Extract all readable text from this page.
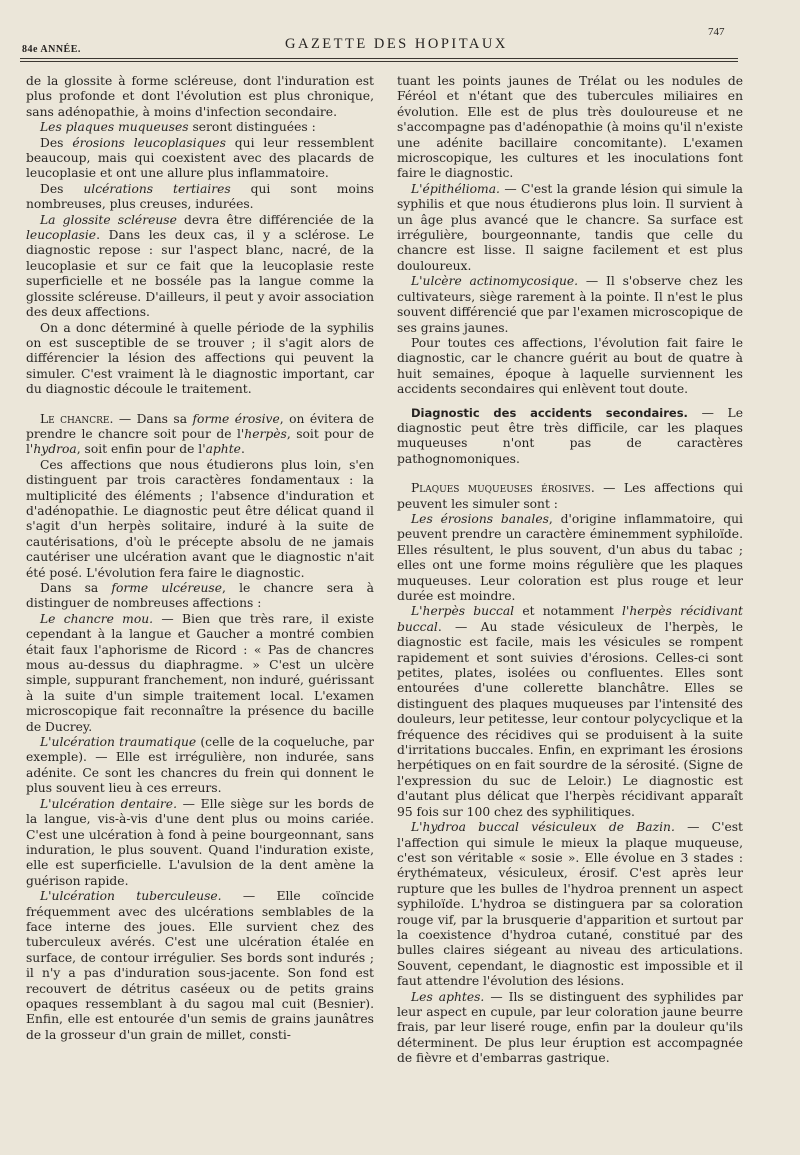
84e ANNÉE.	GAZETTE DES HOPITAUX
747

de la glossite à forme scléreuse, dont l'induration est plus profonde et dont l'évolution est plus chronique, sans adénopathie, à moins d'infection secondaire.

Les plaques muqueuses seront distinguées :

Des érosions leucoplasiques qui leur ressemblent beaucoup, mais qui coexistent avec des placards de leucoplasie et ont une allure plus inflammatoire.

Des ulcérations tertiaires qui sont moins nombreuses, plus creuses, indurées.

La glossite scléreuse devra être différenciée de la leucoplasie. Dans les deux cas, il y a sclérose. Le diagnostic repose : sur l'aspect blanc, nacré, de la leucoplasie et sur ce fait que la leucoplasie reste superficielle et ne bosséle pas la langue comme la glossite scléreuse. D'ailleurs, il peut y avoir association des deux affections.

On a donc déterminé à quelle période de la syphilis on est susceptible de se trouver ; il s'agit alors de différencier la lésion des affections qui peuvent la simuler. C'est vraiment là le diagnostic important, car du diagnostic découle le traitement.

Le chancre. — Dans sa forme érosive, on évitera de prendre le chancre soit pour de l'herpès, soit pour de l'hydroa, soit enfin pour de l'aphte.

Ces affections que nous étudierons plus loin, s'en distinguent par trois caractères fondamentaux : la multiplicité des éléments ; l'absence d'induration et d'adénopathie. Le diagnostic peut être délicat quand il s'agit d'un herpès solitaire, induré à la suite de cautérisations, d'où le précepte absolu de ne jamais cautériser une ulcération avant que le diagnostic n'ait été posé. L'évolution fera faire le diagnostic.

Dans sa forme ulcéreuse, le chancre sera à distinguer de nombreuses affections :

Le chancre mou. — Bien que très rare, il existe cependant à la langue et Gaucher a montré combien était faux l'aphorisme de Ricord : « Pas de chancres mous au-dessus du diaphragme. » C'est un ulcère simple, suppurant franchement, non induré, guérissant à la suite d'un simple traitement local. L'examen microscopique fait reconnaître la présence du bacille de Ducrey.

L'ulcération traumatique (celle de la coqueluche, par exemple). — Elle est irrégulière, non indurée, sans adénite. Ce sont les chancres du frein qui donnent le plus souvent lieu à ces erreurs.

L'ulcération dentaire. — Elle siège sur les bords de la langue, vis-à-vis d'une dent plus ou moins cariée. C'est une ulcération à fond à peine bourgeonnant, sans induration, le plus souvent. Quand l'induration existe, elle est superficielle. L'avulsion de la dent amène la guérison rapide.

L'ulcération tuberculeuse. — Elle coïncide fréquemment avec des ulcérations semblables de la face interne des joues. Elle survient chez des tuberculeux avérés. C'est une ulcération étalée en surface, de contour irrégulier. Ses bords sont indurés ; il n'y a pas d'induration sous-jacente. Son fond est recouvert de détritus caséeux ou de petits grains opaques ressemblant à du sagou mal cuit (Besnier). Enfin, elle est entourée d'un semis de grains jaunâtres de la grosseur d'un grain de millet, consti-

tuant les points jaunes de Trélat ou les nodules de Féréol et n'étant que des tubercules miliaires en évolution. Elle est de plus très douloureuse et ne s'accompagne pas d'adénopathie (à moins qu'il n'existe une adénite bacillaire concomitante). L'examen microscopique, les cultures et les inoculations font faire le diagnostic.

L'épithélioma. — C'est la grande lésion qui simule la syphilis et que nous étudierons plus loin. Il survient à un âge plus avancé que le chancre. Sa surface est irrégulière, bourgeonnante, tandis que celle du chancre est lisse. Il saigne facilement et est plus douloureux.

L'ulcère actinomycosique. — Il s'observe chez les cultivateurs, siège rarement à la pointe. Il n'est le plus souvent différencié que par l'examen microscopique de ses grains jaunes.

Pour toutes ces affections, l'évolution fait faire le diagnostic, car le chancre guérit au bout de quatre à huit semaines, époque à laquelle surviennent les accidents secondaires qui enlèvent tout doute.

Diagnostic des accidents secondaires. — Le diagnostic peut être très difficile, car les plaques muqueuses n'ont pas de caractères pathognomoniques.

Plaques muqueuses érosives. — Les affections qui peuvent les simuler sont :

Les érosions banales, d'origine inflammatoire, qui peuvent prendre un caractère éminemment syphiloïde. Elles résultent, le plus souvent, d'un abus du tabac ; elles ont une forme moins régulière que les plaques muqueuses. Leur coloration est plus rouge et leur durée est moindre.

L'herpès buccal et notamment l'herpès récidivant buccal. — Au stade vésiculeux de l'herpès, le diagnostic est facile, mais les vésicules se rompent rapidement et sont suivies d'érosions. Celles-ci sont petites, plates, isolées ou confluentes. Elles sont entourées d'une collerette blanchâtre. Elles se distinguent des plaques muqueuses par l'intensité des douleurs, leur petitesse, leur contour polycyclique et la fréquence des récidives qui se produisent à la suite d'irritations buccales. Enfin, en exprimant les érosions herpétiques on en fait sourdre de la sérosité. (Signe de l'expression du suc de Leloir.) Le diagnostic est d'autant plus délicat que l'herpès récidivant apparaît 95 fois sur 100 chez des syphilitiques.

L'hydroa buccal vésiculeux de Bazin. — C'est l'affection qui simule le mieux la plaque muqueuse, c'est son véritable « sosie ». Elle évolue en 3 stades : érythémateux, vésiculeux, érosif. C'est après leur rupture que les bulles de l'hydroa prennent un aspect syphiloïde. L'hydroa se distinguera par sa coloration rouge vif, par la brusquerie d'apparition et surtout par la coexistence d'hydroa cutané, constitué par des bulles claires siégeant au niveau des articulations. Souvent, cependant, le diagnostic est impossible et il faut attendre l'évolution des lésions.

Les aphtes. — Ils se distinguent des syphilides par leur aspect en cupule, par leur coloration jaune beurre frais, par leur liseré rouge, enfin par la douleur qu'ils déterminent. De plus leur éruption est accompagnée de fièvre et d'embarras gastrique.
